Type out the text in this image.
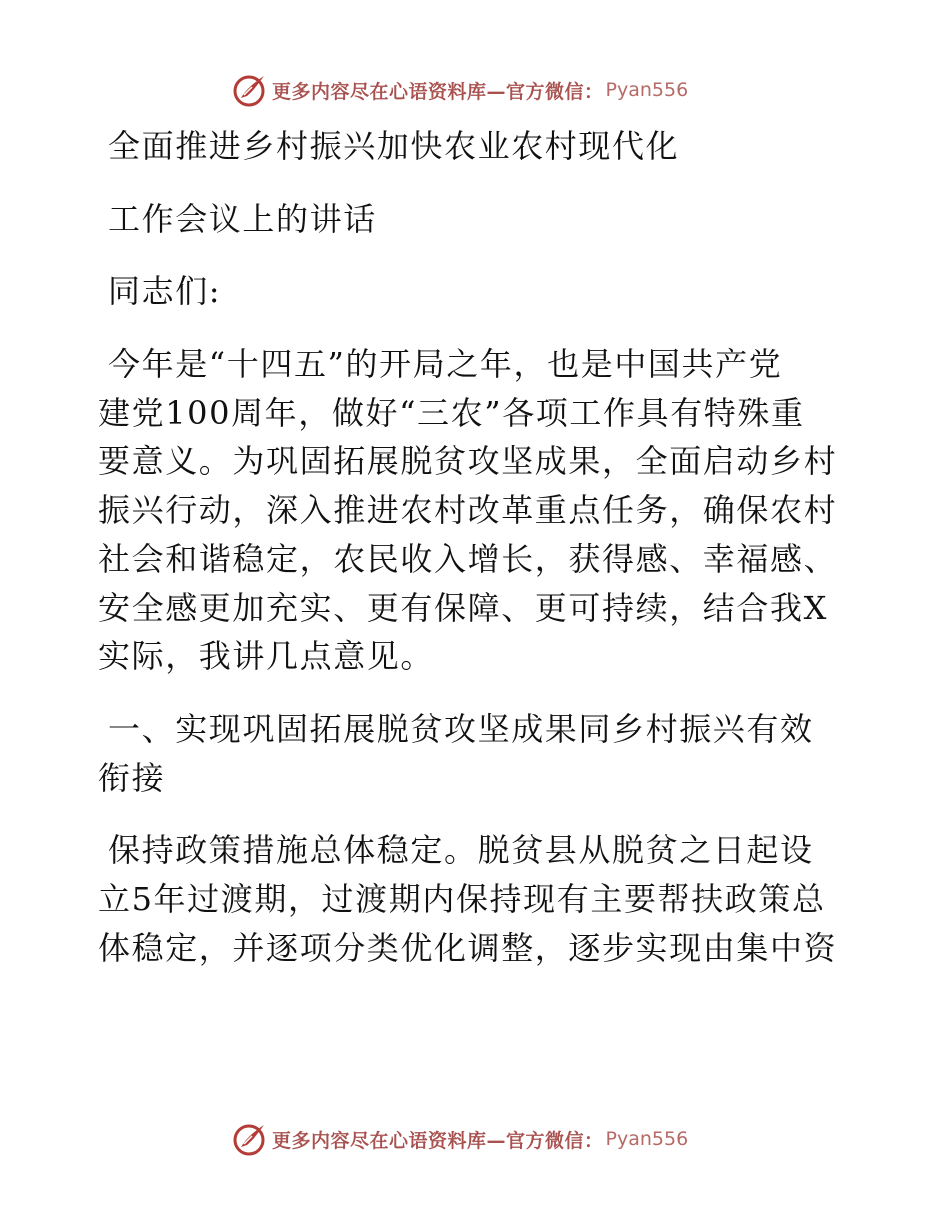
更多内容尽在心语资料库—官方微信： Pyan556
全面推进乡村振兴加快农业农村现代化
工作会议上的讲话
同志们:
今年是“十四五”的开局之年，也是中国共产党
建党100周年，做好“三农”各项工作具有特殊重
要意义。为巩固拓展脱贫攻坚成果，全面启动乡村
振兴行动，深入推进农村改革重点任务，确保农村
社会和谐稳定，农民收入增长，获得感、幸福感、
安全感更加充实、更有保障、更可持续，结合我X
实际，我讲几点意见。
一、实现巩固拓展脱贫攻坚成果同乡村振兴有效
衔接
保持政策措施总体稳定。脱贫县从脱贫之日起设
立5年过渡期，过渡期内保持现有主要帮扶政策总
体稳定，并逐项分类优化调整，逐步实现由集中资
更多内容尽在心语资料库—官方微信： Pyan556
